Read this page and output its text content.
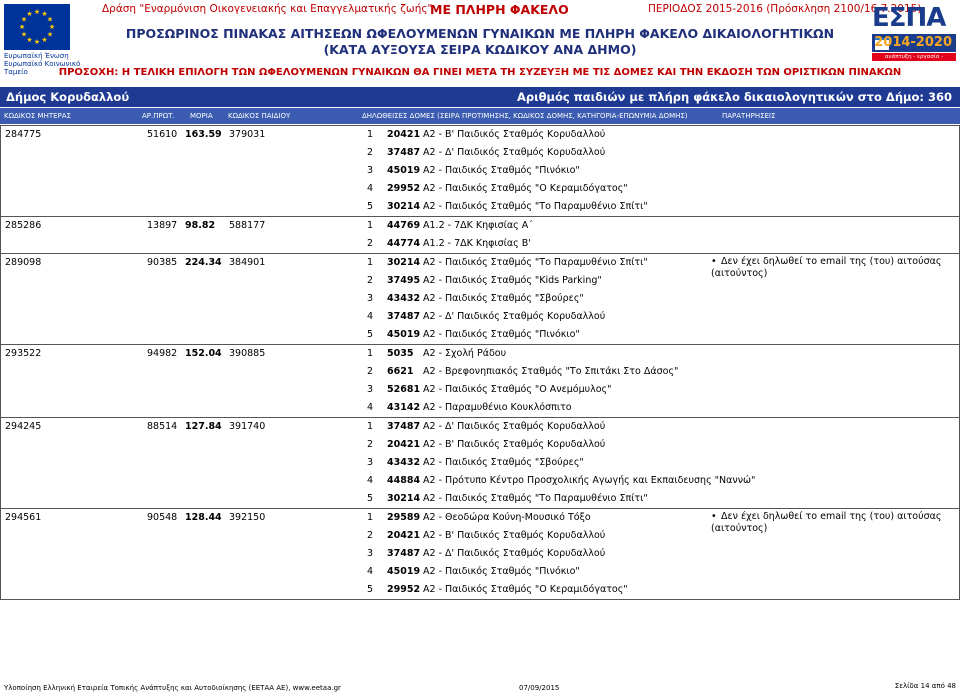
★ ★
★
★
★
★
★
★
★
★
★
★
Ευρωπαϊκή Ένωση
Ευρωπαϊκό Κοινωνικό Ταμείο
Δράση "Εναρμόνιση Οικογενειακής και Επαγγελματικής ζωής"
ΜΕ ΠΛΗΡΗ ΦΑΚΕΛΟ	ΠΕΡΙΟΔΟΣ 2015-2016 (Πρόσκληση 2100/16.7.2015)
ΠΡΟΣΩΡΙΝΟΣ ΠΙΝΑΚΑΣ ΑΙΤΗΣΕΩΝ ΩΦΕΛΟΥΜΕΝΩΝ ΓΥΝΑΙΚΩΝ ΜΕ ΠΛΗΡΗ ΦΑΚΕΛΟ ΔΙΚΑΙΟΛΟΓΗΤΙΚΩΝ
(ΚΑΤΑ ΑΥΞΟΥΣΑ ΣΕΙΡΑ ΚΩΔΙΚΟΥ ΑΝΑ ΔΗΜΟ)
ΕΣΠΑ
2014-2020
ανάπτυξη - εργασία - αλληλεγγύη
ΠΡΟΣΟΧΗ: Η ΤΕΛΙΚΗ ΕΠΙΛΟΓΗ ΤΩΝ ΩΦΕΛΟΥΜΕΝΩΝ ΓΥΝΑΙΚΩΝ ΘΑ ΓΙΝΕΙ ΜΕΤΑ ΤΗ ΣΥΖΕΥΞΗ ΜΕ ΤΙΣ ΔΟΜΕΣ ΚΑΙ ΤΗΝ ΕΚΔΟΣΗ ΤΩΝ ΟΡΙΣΤΙΚΩΝ ΠΙΝΑΚΩΝ
Δήμος Κορυδαλλού	Αριθμός παιδιών με πλήρη φάκελο δικαιολογητικών στο Δήμο: 360
ΚΩΔΙΚΟΣ ΜΗΤΕΡΑΣ	ΑΡ.ΠΡΩΤ. ΜΟΡΙΑ ΚΩΔΙΚΟΣ ΠΑΙΔΙΟΥ	ΔΗΛΩΘΕΙΣΕΣ ΔΟΜΕΣ (ΣΕΙΡΑ ΠΡΟΤΙΜΗΣΗΣ, ΚΩΔΙΚΟΣ ΔΟΜΗΣ, ΚΑΤΗΓΟΡΙΑ-ΕΠΩΝΥΜΙΑ ΔΟΜΗΣ)	ΠΑΡΑΤΗΡΗΣΕΙΣ
284775	51610 163.59 379031	1 20421 Α2 - Β' Παιδικός Σταθμός Κορυδαλλού
2 37487 Α2 - Δ' Παιδικός Σταθμός Κορυδαλλού
3 45019 Α2 - Παιδικός Σταθμός "Πινόκιο"
4 29952 Α2 - Παιδικός Σταθμός "Ο Κεραμιδόγατος"
5 30214 Α2 - Παιδικός Σταθμός "Το Παραμυθένιο Σπίτι"
285286	13897 98.82 588177	1 44769 Α1.2 - 7ΔΚ Κηφισίας Α΄
2 44774 Α1.2 - 7ΔΚ Κηφισίας Β'
289098	90385 224.34 384901	1 30214 Α2 - Παιδικός Σταθμός "Το Παραμυθένιο Σπίτι"
2 37495 Α2 - Παιδικός Σταθμός "Kids Parking"
3 43432 Α2 - Παιδικός Σταθμός "Σβούρες"
4 37487 Α2 - Δ' Παιδικός Σταθμός Κορυδαλλού
5 45019 Α2 - Παιδικός Σταθμός "Πινόκιο"
• Δεν έχει δηλωθεί το email της (του) αιτούσας (αιτούντος)
293522	94982 152.04 390885	1 5035 Α2 - Σχολή Ράδου
2 6621 Α2 - Βρεφονηπιακός Σταθμός "Το Σπιτάκι Στο Δάσος"
3 52681 Α2 - Παιδικός Σταθμός "Ο Ανεμόμυλος"
4 43142 Α2 - Παραμυθένιο Κουκλόσπιτο
294245	88514 127.84 391740	1 37487 Α2 - Δ' Παιδικός Σταθμός Κορυδαλλού
2 20421 Α2 - Β' Παιδικός Σταθμός Κορυδαλλού
3 43432 Α2 - Παιδικός Σταθμός "Σβούρες"
4 44884 Α2 - Πρότυπο Κέντρο Προσχολικής Αγωγής και Εκπαιδευσης "Ναννώ"
5 30214 Α2 - Παιδικός Σταθμός "Το Παραμυθένιο Σπίτι"
294561	90548 128.44 392150	1 29589 Α2 - Θεοδώρα Κούνη-Μουσικό Τόξο
2 20421 Α2 - Β' Παιδικός Σταθμός Κορυδαλλού
3 37487 Α2 - Δ' Παιδικός Σταθμός Κορυδαλλού
4 45019 Α2 - Παιδικός Σταθμός "Πινόκιο"
5 29952 Α2 - Παιδικός Σταθμός "Ο Κεραμιδόγατος"
• Δεν έχει δηλωθεί το email της (του) αιτούσας (αιτούντος)
Υλοποίηση Ελληνική Εταιρεία Τοπικής Ανάπτυξης και Αυτοδιοίκησης (ΕΕΤΑΑ ΑΕ), www.eetaa.gr	07/09/2015	Σελίδα 14 από 48
